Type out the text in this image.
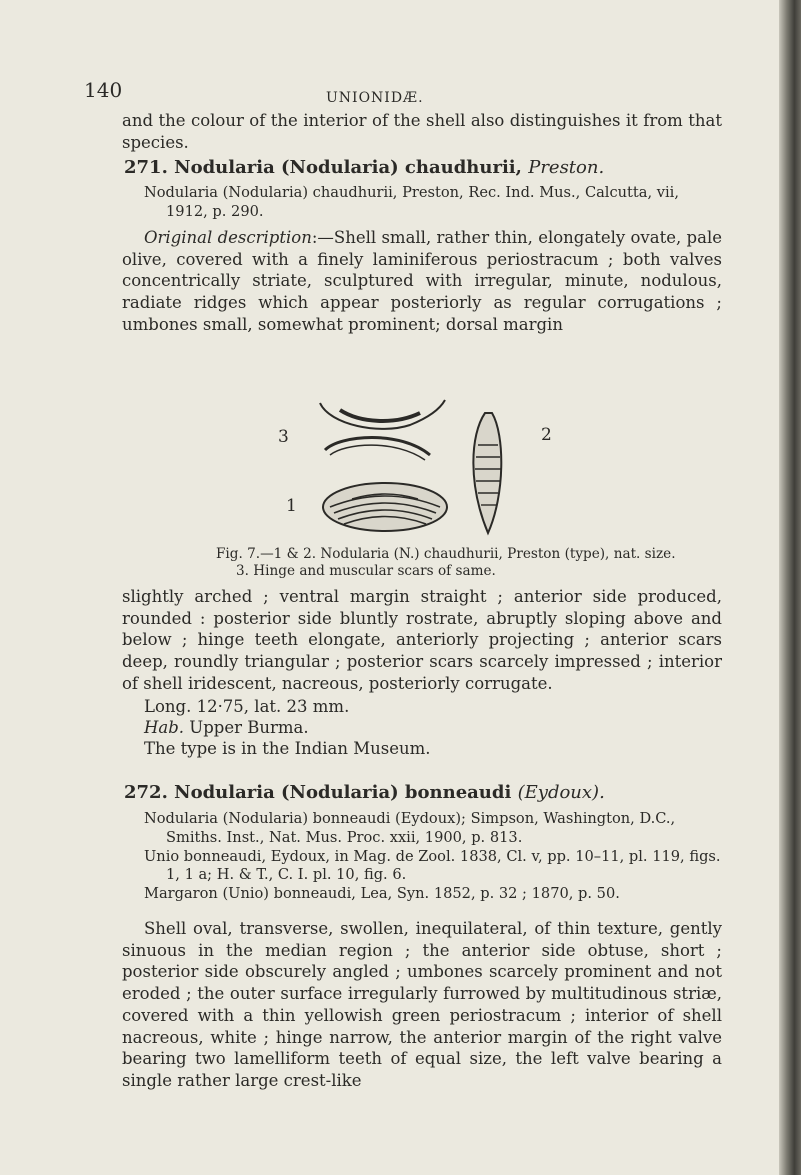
140	UNIONIDÆ.
and the colour of the interior of the shell also distinguishes it from that species.
271. Nodularia (Nodularia) chaudhurii, Preston.
Nodularia (Nodularia) chaudhurii, Preston, Rec. Ind. Mus., Calcutta, vii, 1912, p. 290.
Original description:—Shell small, rather thin, elongately ovate, pale olive, covered with a finely laminiferous periostracum ; both valves concentrically striate, sculptured with irregular, minute, nodulous, radiate ridges which appear posteriorly as regular corrugations ; umbones small, somewhat prominent; dorsal margin
3
1
2
Fig. 7.—1 & 2. Nodularia (N.) chaudhurii, Preston (type), nat. size.
3. Hinge and muscular scars of same.
slightly arched ; ventral margin straight ; anterior side produced, rounded : posterior side bluntly rostrate, abruptly sloping above and below ; hinge teeth elongate, anteriorly projecting ; anterior scars deep, roundly triangular ; posterior scars scarcely impressed ; interior of shell iridescent, nacreous, posteriorly corrugate.
Long. 12·75, lat. 23 mm.
Hab. Upper Burma.
The type is in the Indian Museum.
272. Nodularia (Nodularia) bonneaudi (Eydoux).
Nodularia (Nodularia) bonneaudi (Eydoux); Simpson, Washington, D.C., Smiths. Inst., Nat. Mus. Proc. xxii, 1900, p. 813.
Unio bonneaudi, Eydoux, in Mag. de Zool. 1838, Cl. v, pp. 10–11, pl. 119, figs. 1, 1 a; H. & T., C. I. pl. 10, fig. 6.
Margaron (Unio) bonneaudi, Lea, Syn. 1852, p. 32 ; 1870, p. 50.
Shell oval, transverse, swollen, inequilateral, of thin texture, gently sinuous in the median region ; the anterior side obtuse, short ; posterior side obscurely angled ; umbones scarcely prominent and not eroded ; the outer surface irregularly furrowed by multitudinous striæ, covered with a thin yellowish green periostracum ; interior of shell nacreous, white ; hinge narrow, the anterior margin of the right valve bearing two lamelliform teeth of equal size, the left valve bearing a single rather large crest-like
